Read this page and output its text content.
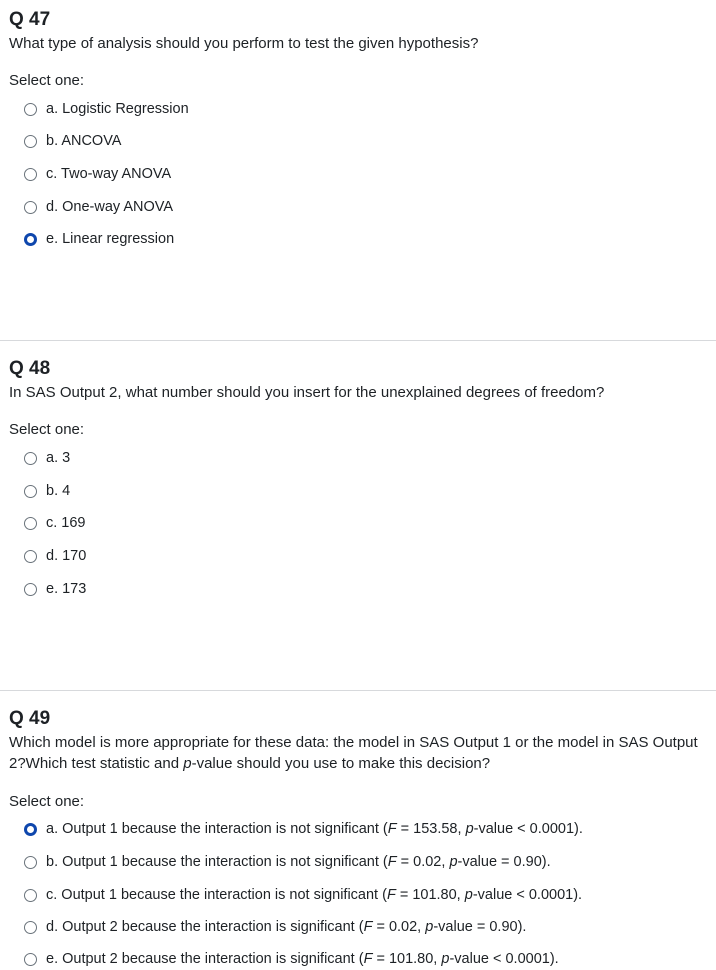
Q 47
What type of analysis should you perform to test the given hypothesis?
Select one:
a. Logistic Regression
b. ANCOVA
c. Two-way ANOVA
d. One-way ANOVA
e. Linear regression
Q 48
In SAS Output 2, what number should you insert for the unexplained degrees of freedom?
Select one:
a. 3
b. 4
c. 169
d. 170
e. 173
Q 49
Which model is more appropriate for these data: the model in SAS Output 1 or the model in SAS Output 2?Which test statistic and p-value should you use to make this decision?
Select one:
a. Output 1 because the interaction is not significant (F = 153.58, p-value < 0.0001).
b. Output 1 because the interaction is not significant (F = 0.02, p-value = 0.90).
c. Output 1 because the interaction is not significant (F = 101.80, p-value < 0.0001).
d. Output 2 because the interaction is significant (F = 0.02, p-value = 0.90).
e. Output 2 because the interaction is significant (F = 101.80, p-value < 0.0001).
